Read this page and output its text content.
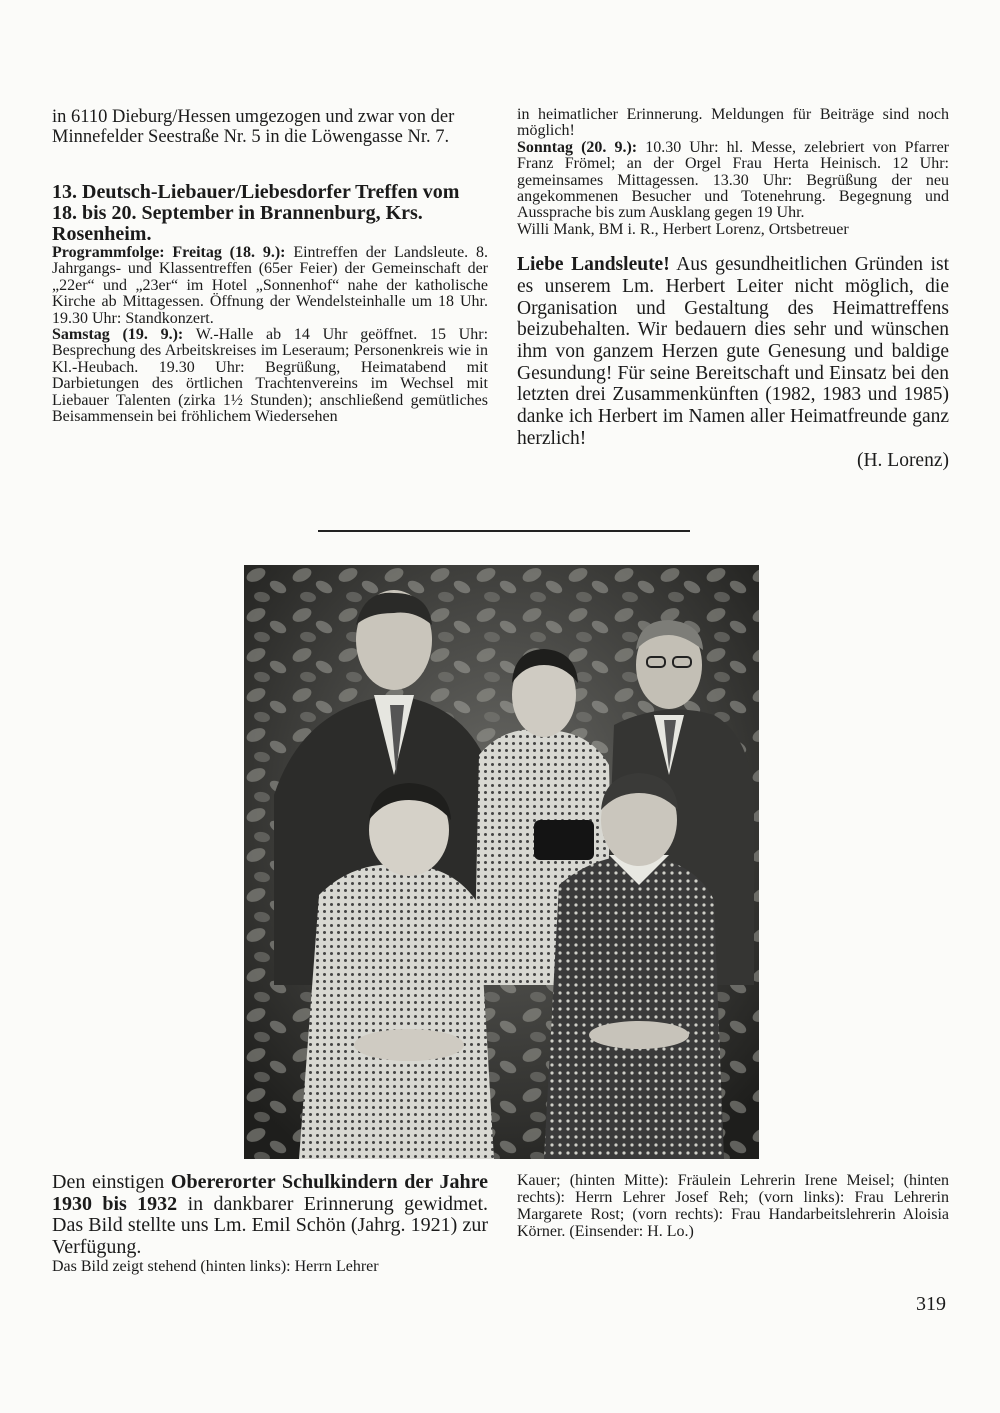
in 6110 Dieburg/Hessen umgezogen und zwar von der Minnefelder Seestraße Nr. 5 in die Löwengasse Nr. 7.

13. Deutsch-Liebauer/Liebesdorfer Treffen vom 18. bis 20. September in Brannenburg, Krs. Rosenheim.

Programmfolge: Freitag (18. 9.): Eintreffen der Landsleute. 8. Jahrgangs- und Klassentreffen (65er Feier) der Gemeinschaft der „22er“ und „23er“ im Hotel „Sonnenhof“ nahe der katholische Kirche ab Mittagessen. Öffnung der Wendelsteinhalle um 18 Uhr. 19.30 Uhr: Standkonzert.

Samstag (19. 9.): W.-Halle ab 14 Uhr geöffnet. 15 Uhr: Besprechung des Arbeitskreises im Leseraum; Personenkreis wie in Kl.-Heubach. 19.30 Uhr: Begrüßung, Heimatabend mit Darbietungen des örtlichen Trachtenvereins im Wechsel mit Liebauer Talenten (zirka 1½ Stunden); anschließend gemütliches Beisammensein bei fröhlichem Wiedersehen

in heimatlicher Erinnerung. Meldungen für Beiträge sind noch möglich!

Sonntag (20. 9.): 10.30 Uhr: hl. Messe, zelebriert von Pfarrer Franz Frömel; an der Orgel Frau Herta Heinisch. 12 Uhr: gemeinsames Mittagessen. 13.30 Uhr: Begrüßung der neu angekommenen Besucher und Totenehrung. Begegnung und Aussprache bis zum Ausklang gegen 19 Uhr.

Willi Mank, BM i. R., Herbert Lorenz, Ortsbetreuer

Liebe Landsleute! Aus gesundheitlichen Gründen ist es unserem Lm. Herbert Leiter nicht möglich, die Organisation und Gestaltung des Heimattreffens beizubehalten. Wir bedauern dies sehr und wünschen ihm von ganzem Herzen gute Genesung und baldige Gesundung! Für seine Bereitschaft und Einsatz bei den letzten drei Zusammenkünften (1982, 1983 und 1985) danke ich Herbert im Namen aller Heimatfreunde ganz herzlich!
(H. Lorenz)
Den einstigen Obererorter Schulkindern der Jahre 1930 bis 1932 in dankbarer Erinnerung gewidmet. Das Bild stellte uns Lm. Emil Schön (Jahrg. 1921) zur Verfügung.
Das Bild zeigt stehend (hinten links): Herrn Lehrer
Kauer; (hinten Mitte): Fräulein Lehrerin Irene Meisel; (hinten rechts): Herrn Lehrer Josef Reh; (vorn links): Frau Lehrerin Margarete Rost; (vorn rechts): Frau Handarbeitslehrerin Aloisia Körner. (Einsender: H. Lo.)
319
